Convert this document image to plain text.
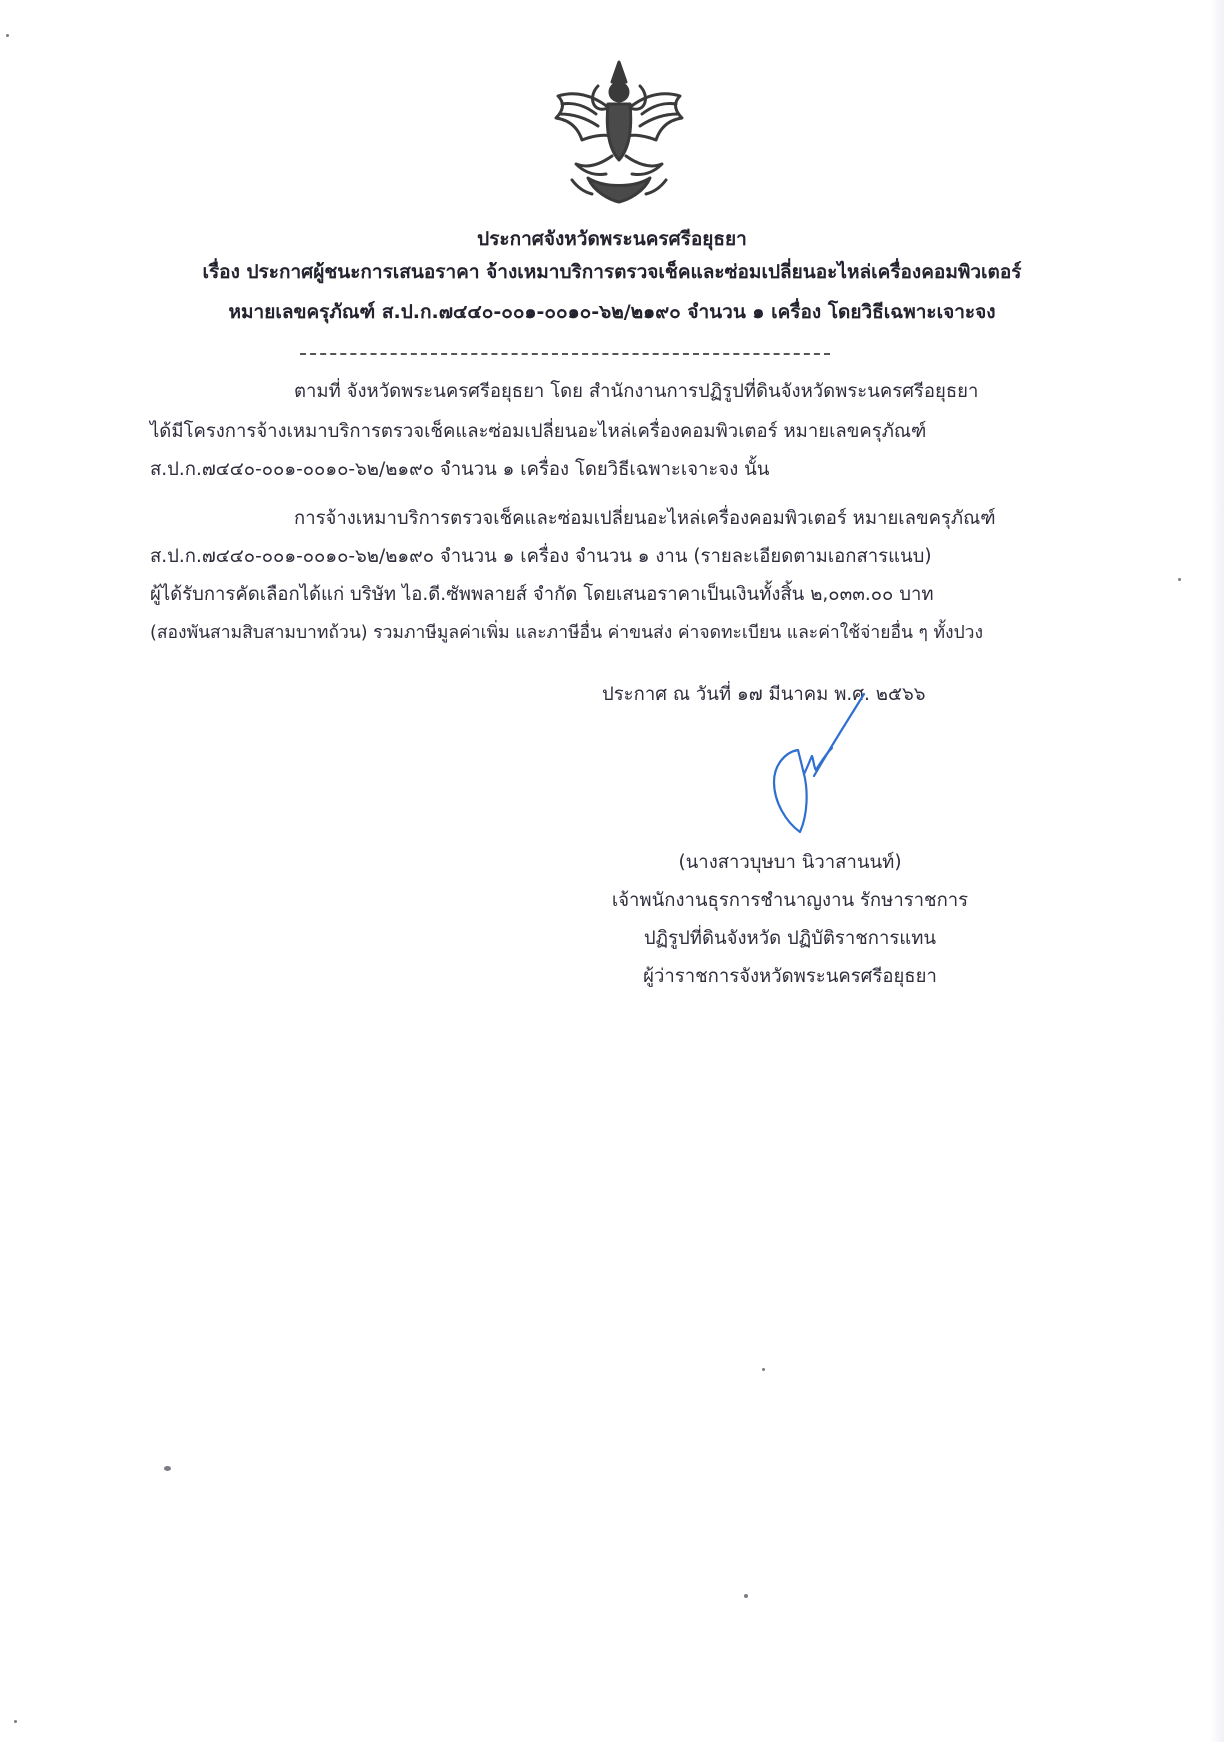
ประกาศจังหวัดพระนครศรีอยุธยา
เรื่อง ประกาศผู้ชนะการเสนอราคา จ้างเหมาบริการตรวจเช็คและซ่อมเปลี่ยนอะไหล่เครื่องคอมพิวเตอร์
หมายเลขครุภัณฑ์ ส.ป.ก.๗๔๔๐-๐๐๑-๐๐๑๐-๖๒/๒๑๙๐ จำนวน ๑ เครื่อง โดยวิธีเฉพาะเจาะจง
ตามที่ จังหวัดพระนครศรีอยุธยา โดย สำนักงานการปฏิรูปที่ดินจังหวัดพระนครศรีอยุธยา
ได้มีโครงการจ้างเหมาบริการตรวจเช็คและซ่อมเปลี่ยนอะไหล่เครื่องคอมพิวเตอร์ หมายเลขครุภัณฑ์
ส.ป.ก.๗๔๔๐-๐๐๑-๐๐๑๐-๖๒/๒๑๙๐ จำนวน ๑ เครื่อง โดยวิธีเฉพาะเจาะจง นั้น
การจ้างเหมาบริการตรวจเช็คและซ่อมเปลี่ยนอะไหล่เครื่องคอมพิวเตอร์ หมายเลขครุภัณฑ์
ส.ป.ก.๗๔๔๐-๐๐๑-๐๐๑๐-๖๒/๒๑๙๐ จำนวน ๑ เครื่อง จำนวน ๑ งาน (รายละเอียดตามเอกสารแนบ)
ผู้ได้รับการคัดเลือกได้แก่ บริษัท ไอ.ดี.ซัพพลายส์ จำกัด โดยเสนอราคาเป็นเงินทั้งสิ้น ๒,๐๓๓.๐๐ บาท
(สองพันสามสิบสามบาทถ้วน) รวมภาษีมูลค่าเพิ่ม และภาษีอื่น ค่าขนส่ง ค่าจดทะเบียน และค่าใช้จ่ายอื่น ๆ ทั้งปวง
ประกาศ ณ วันที่ ๑๗ มีนาคม พ.ศ. ๒๕๖๖
(นางสาวบุษบา นิวาสานนท์)
เจ้าพนักงานธุรการชำนาญงาน รักษาราชการ
ปฏิรูปที่ดินจังหวัด ปฏิบัติราชการแทน
ผู้ว่าราชการจังหวัดพระนครศรีอยุธยา
